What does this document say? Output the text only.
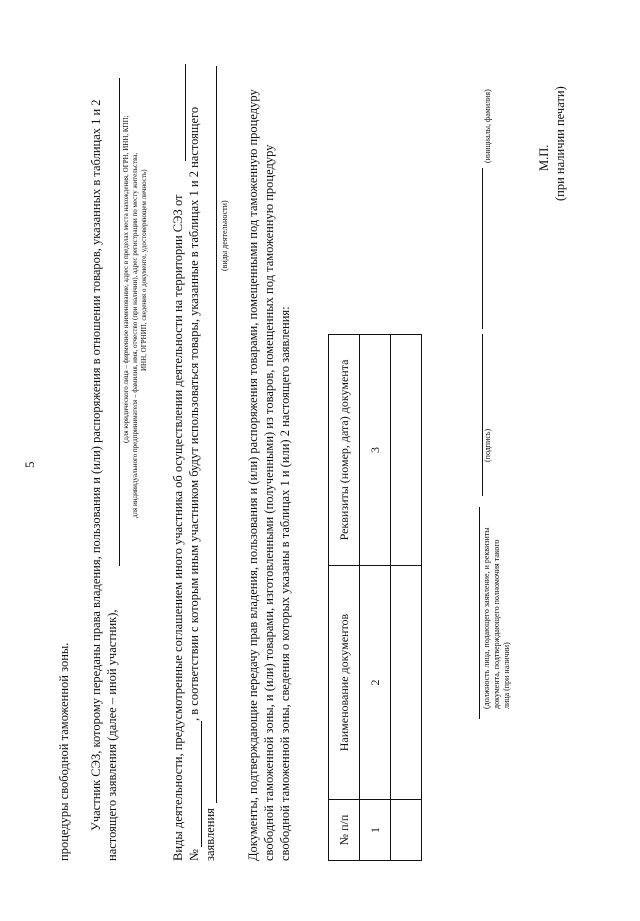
5
процедуры свободной таможенной зоны. Участник СЭЗ, которому переданы права владения, пользования и (или) распоряжения в отношении товаров, указанных в таблицах 1 и 2 настоящего заявления (далее – иной участник),
(для юридического лица – фирменное наименование, адрес в пределах места нахождения, ОГРН, ИНН, КПП; для индивидуального предпринимателя – фамилия, имя, отчество (при наличии), адрес регистрации по месту жительства, ИНН, ОГРНИП, сведения о документе, удостоверяющем личность) Виды деятельности, предусмотренные соглашением иного участника об осуществлении деятельности на территории СЭЗ от №
, в соответствии с которым иным участником будут использоваться товары, указанные в таблицах 1 и 2 настоящего
заявления
(виды деятельности) Документы, подтверждающие передачу прав владения, пользования и (или) распоряжения товарами, помещенными под таможенную процедуру свободной таможенной зоны, и (или) товарами, изготовленными (полученными) из товаров, помещенных под таможенную процедуру свободной таможенной зоны, сведения о которых указаны в таблицах 1 и (или) 2 настоящего заявления:	№ п/п	Наименование документов	Реквизиты (номер, дата) документа
1	2	3

(должность лица, подающего заявление, и реквизиты документа, подтверждающего полномочия такого лица (при наличии)
(подпись)
(инициалы, фамилия)	М.П. (при наличии печати)
